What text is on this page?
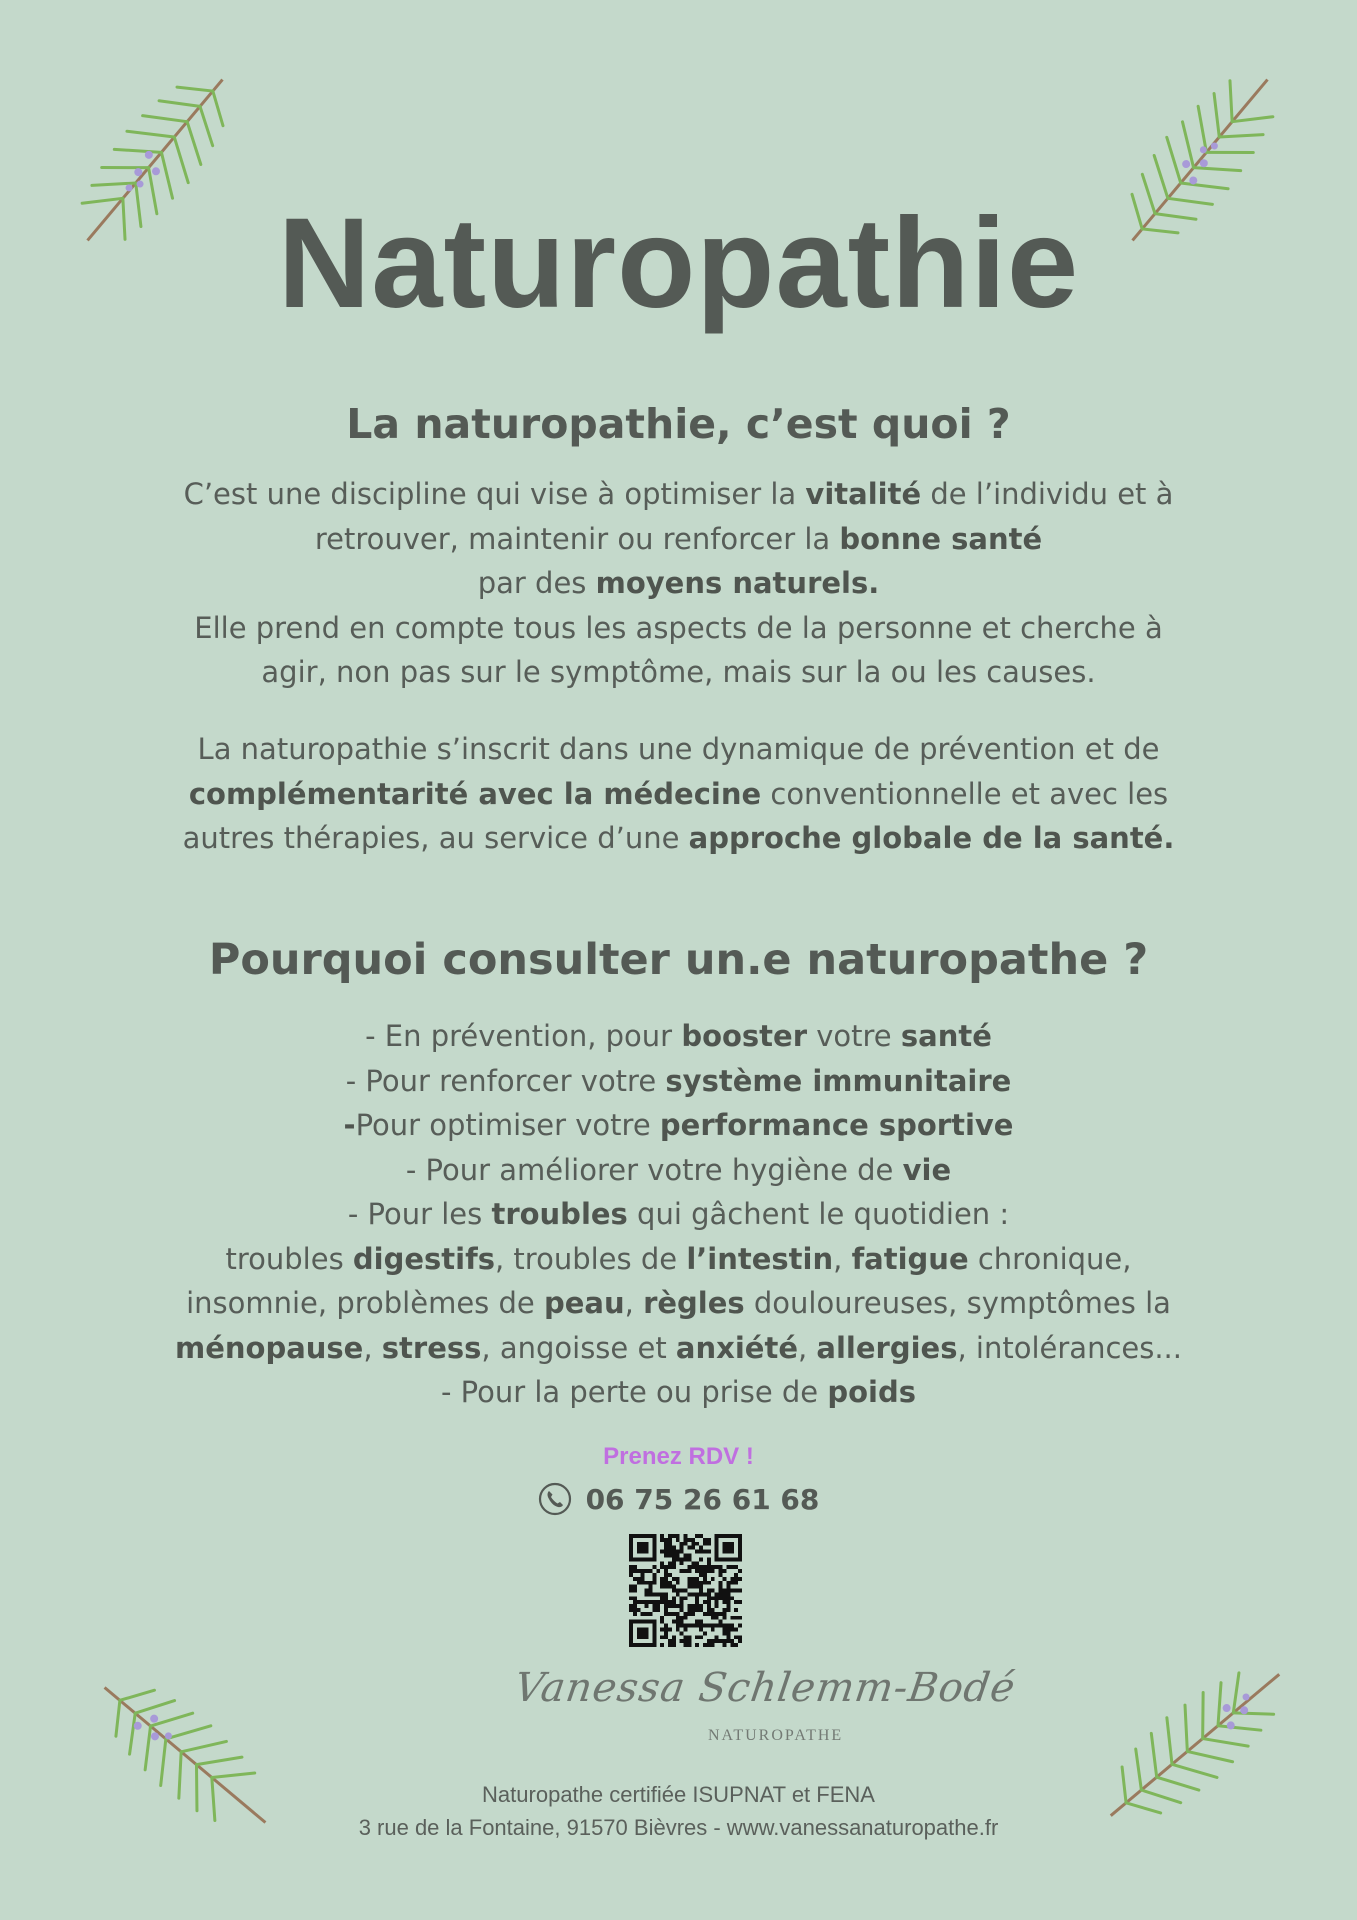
Naturopathie
La naturopathie, c’est quoi ?

C’est une discipline qui vise à optimiser la vitalité de l’individu et à
retrouver, maintenir ou renforcer la bonne santé
par des moyens naturels.
Elle prend en compte tous les aspects de la personne et cherche à
agir, non pas sur le symptôme, mais sur la ou les causes.

La naturopathie s’inscrit dans une dynamique de prévention et de
complémentarité avec la médecine conventionnelle et avec les
autres thérapies, au service d’une approche globale de la santé.

Pourquoi consulter un.e naturopathe ?

- En prévention, pour booster votre santé
- Pour renforcer votre système immunitaire
-Pour optimiser votre performance sportive
- Pour améliorer votre hygiène de vie
- Pour les troubles qui gâchent le quotidien :
troubles digestifs, troubles de l’intestin, fatigue chronique,
insomnie, problèmes de peau, règles douloureuses, symptômes la
ménopause, stress, angoisse et anxiété, allergies, intolérances...
- Pour la perte ou prise de poids

Prenez RDV !
06 75 26 61 68
Vanessa Schlemm-Bodé
NATUROPATHE
Naturopathe certifiée ISUPNAT et FENA
3 rue de la Fontaine, 91570 Bièvres - www.vanessanaturopathe.fr
